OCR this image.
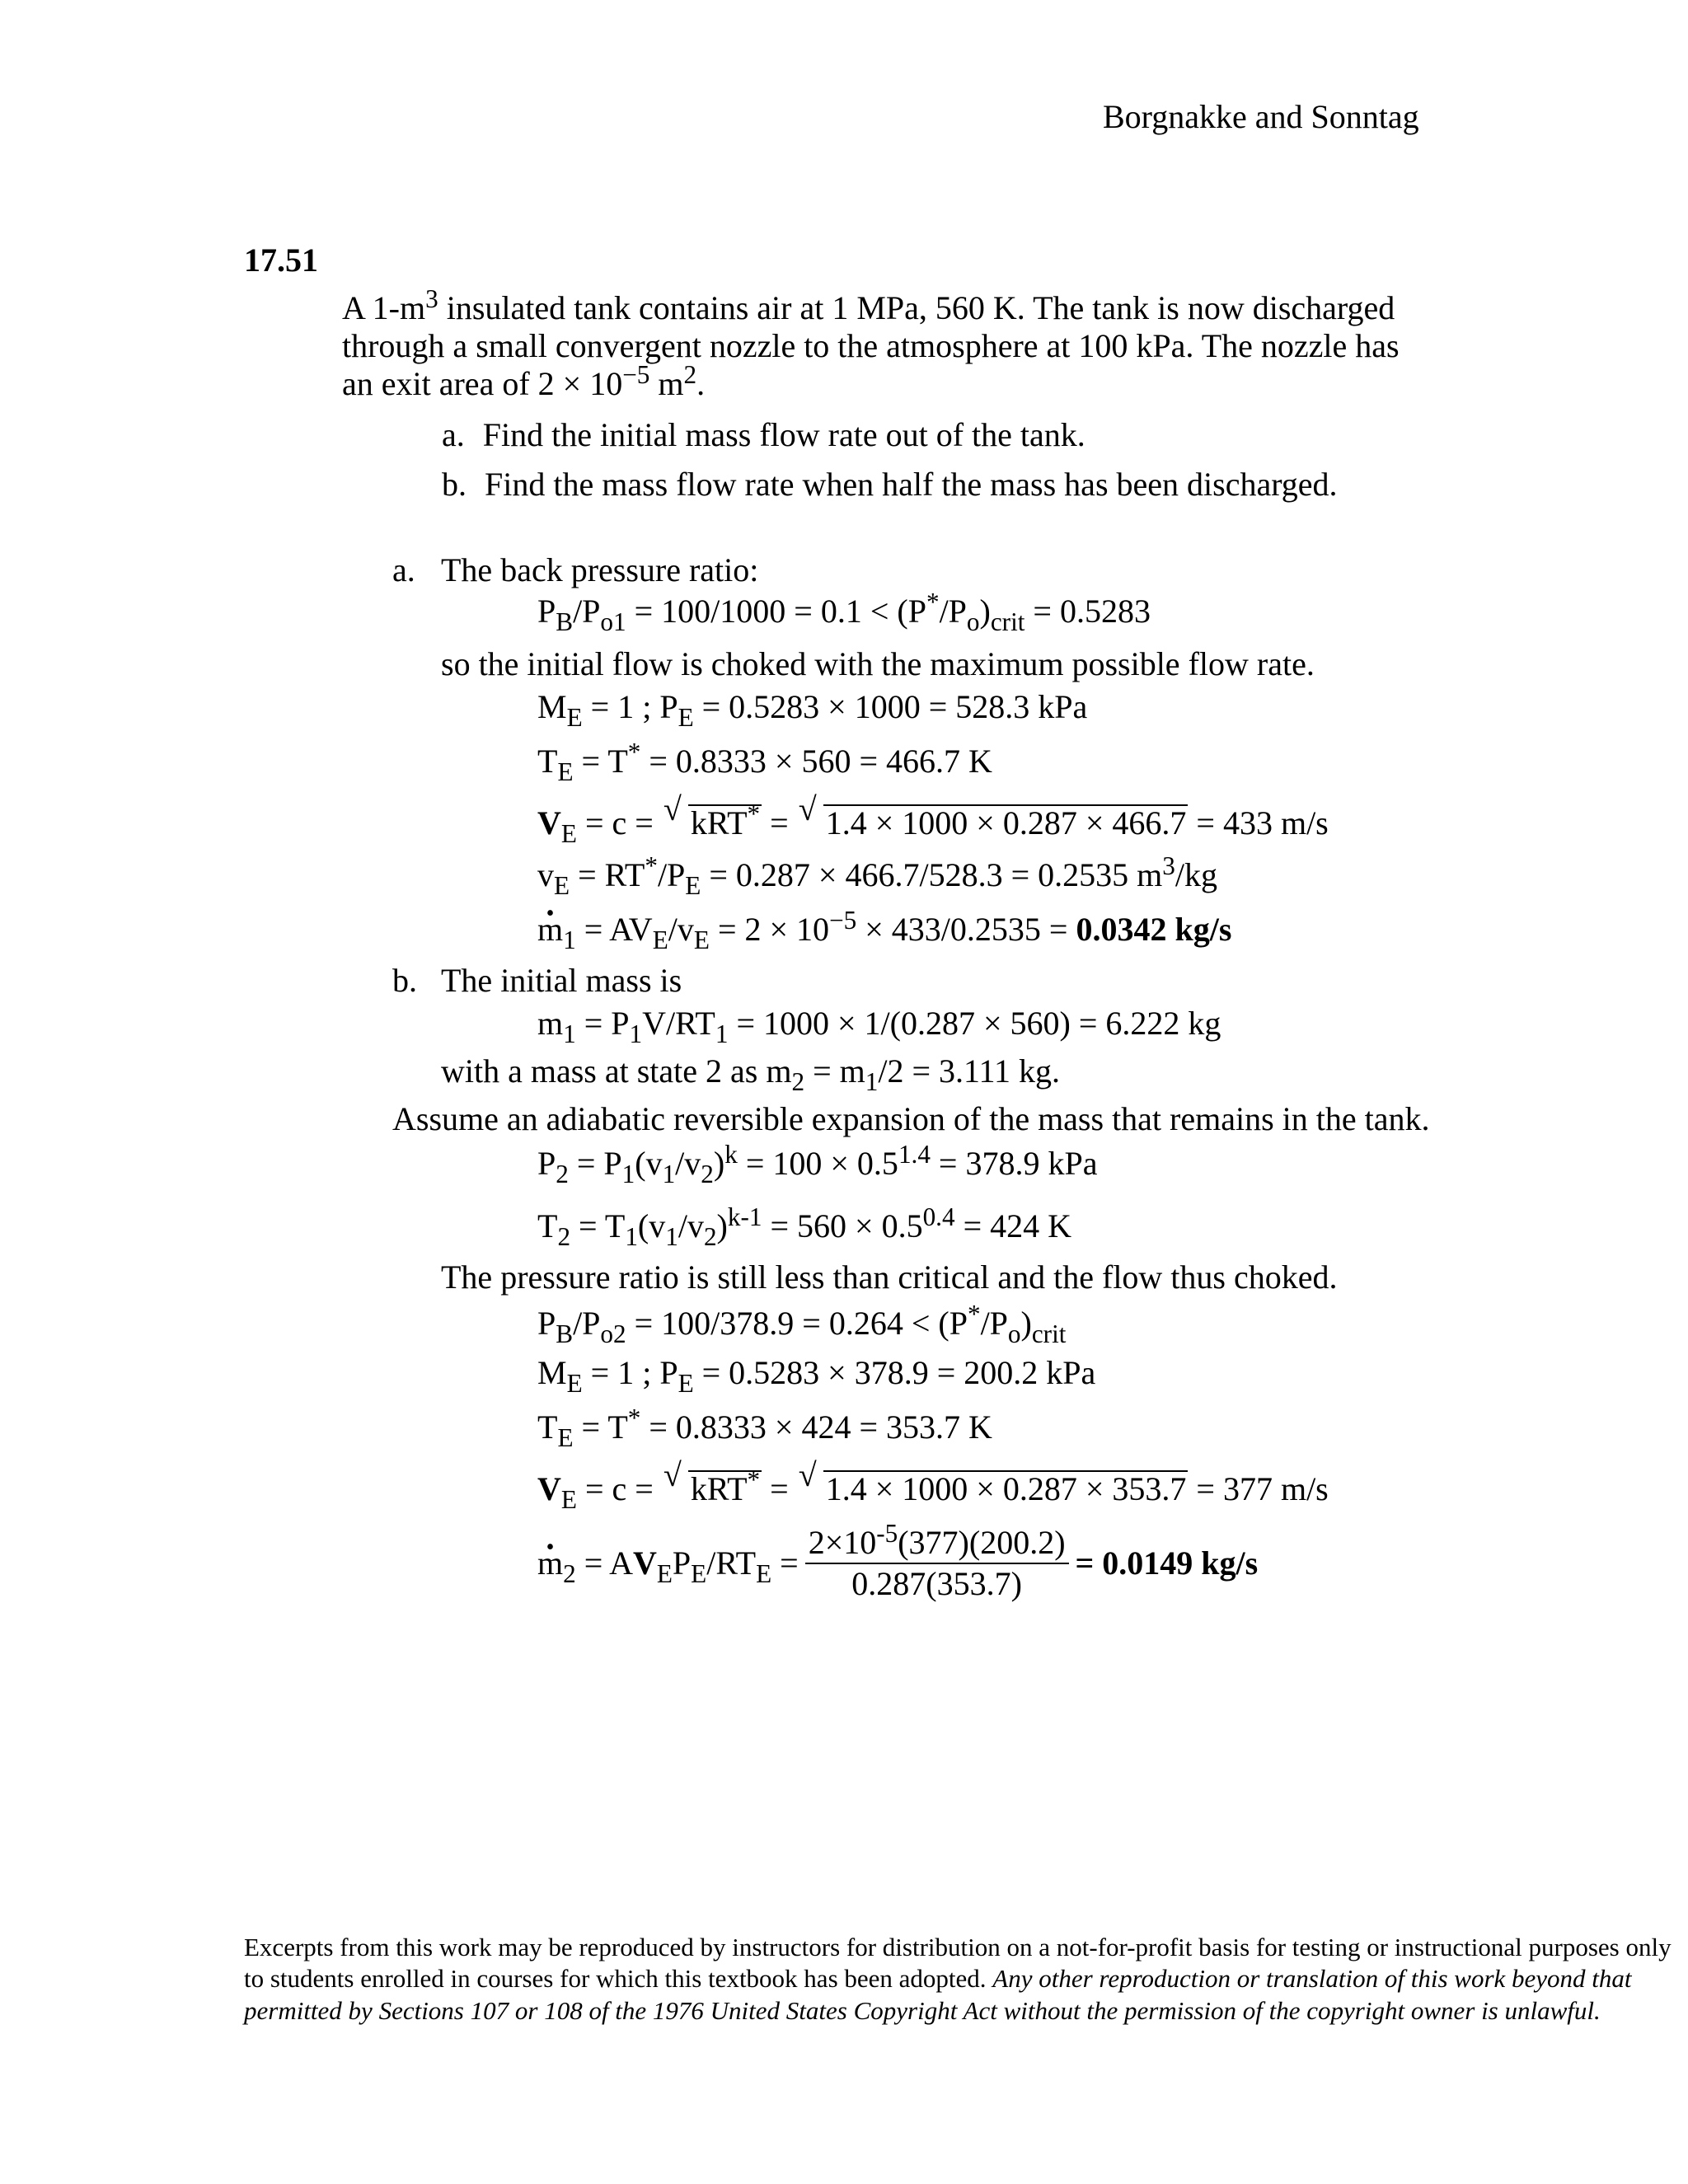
Borgnakke and Sonntag
17.51
A $1-m^3$ insulated tank contains air at 1 MPa, 560 K. The tank is now discharged
through a small convergent nozzle to the atmosphere at 100 kPa. The nozzle has
an exit area of $2 \times 10^{-5}$ $m^2$.
a. Find the initial mass flow rate out of the tank.
b. Find the mass flow rate when half the mass has been discharged.
a. The back pressure ratio:
$P_B/P_{o1} = 100/1000 = 0.1 < (P^*/P_o)_{crit} = 0.5283$
so the initial flow is choked with the maximum possible flow rate.
$M_E = 1$ ; $P_E = 0.5283 \times 1000 = 528.3$ kPa
$T_E = T^* = 0.8333 \times 560 = 466.7$ K
$V_E = c$ = √ kRT* = √ 1.4 × 1000 × 0.287 × 466.7 = 433 m/s
$v_E = RT^*/P_E = 0.287 \times 466.7/528.3 = 0.2535$ $m^3/kg$
m $•_1 = AV_E/v_E = 2 \times 10^{-5} \times 433/0.2535 = 0.0342$ kg/s
b. The initial mass is
$m_1 = P_1V/RT_1 = 1000 \times 1/(0.287 \times 560) = 6.222$ kg
with a mass at state 2 as $m_2 = m_1/2 = 3.111$ kg.
Assume an adiabatic reversible expansion of the mass that remains in the tank.
$P_2 = P_1(v_1/v_2)^k = 100 \times 0.5^{1.4} = 378.9$ kPa
$T_2 = T_1(v_1/v_2)^{k-1} = 560 \times 0.5^{0.4} = 424$ K
The pressure ratio is still less than critical and the flow thus choked.
$P_B/P_{o2} = 100/378.9 = 0.264 < (P^*/P_o)_{crit}$
$M_E = 1$ ; $P_E = 0.5283 \times 378.9 = 200.2$ kPa
$T_E = T^* = 0.8333 \times 424 = 353.7$ K
$V_E = c$ = √ kRT* = √ 1.4 × 1000 × 0.287 × 353.7 = 377 m/s
m $•_2 = AV_EP_E/RT_E = \frac{2\times 10^{-5}(377)(200.2)}{0.287(353.7)} = 0.0149$ kg/s
Excerpts from this work may be reproduced by instructors for distribution on a not-for-profit basis for testing or instructional purposes only to students enrolled in courses for which this textbook has been adopted. Any other reproduction or translation of this work beyond that permitted by Sections 107 or 108 of the 1976 United States Copyright Act without the permission of the copyright owner is unlawful.
